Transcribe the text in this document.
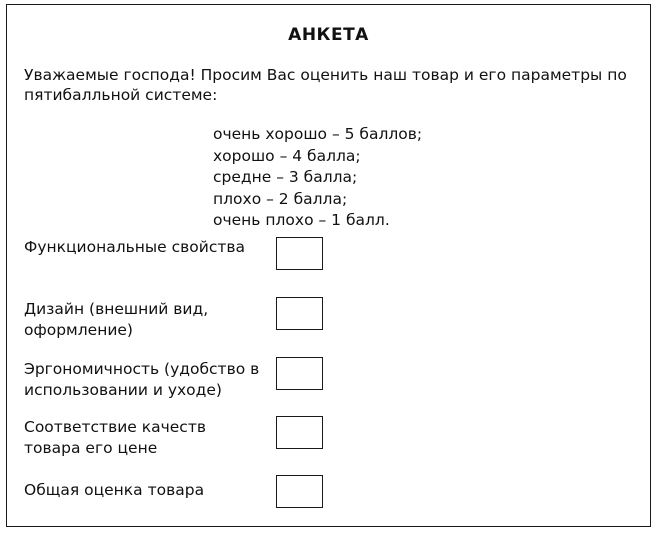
АНКЕТА
Уважаемые господа! Просим Вас оценить наш товар и его параметры по пятибалльной системе:
очень хорошо – 5 баллов;
хорошо – 4 балла;
средне – 3 балла;
плохо – 2 балла;
очень плохо – 1 балл.
Функциональные свойства
Дизайн (внешний вид, оформление)
Эргономичность (удобство в использовании и уходе)
Соответствие качеств товара его цене
Общая оценка товара
